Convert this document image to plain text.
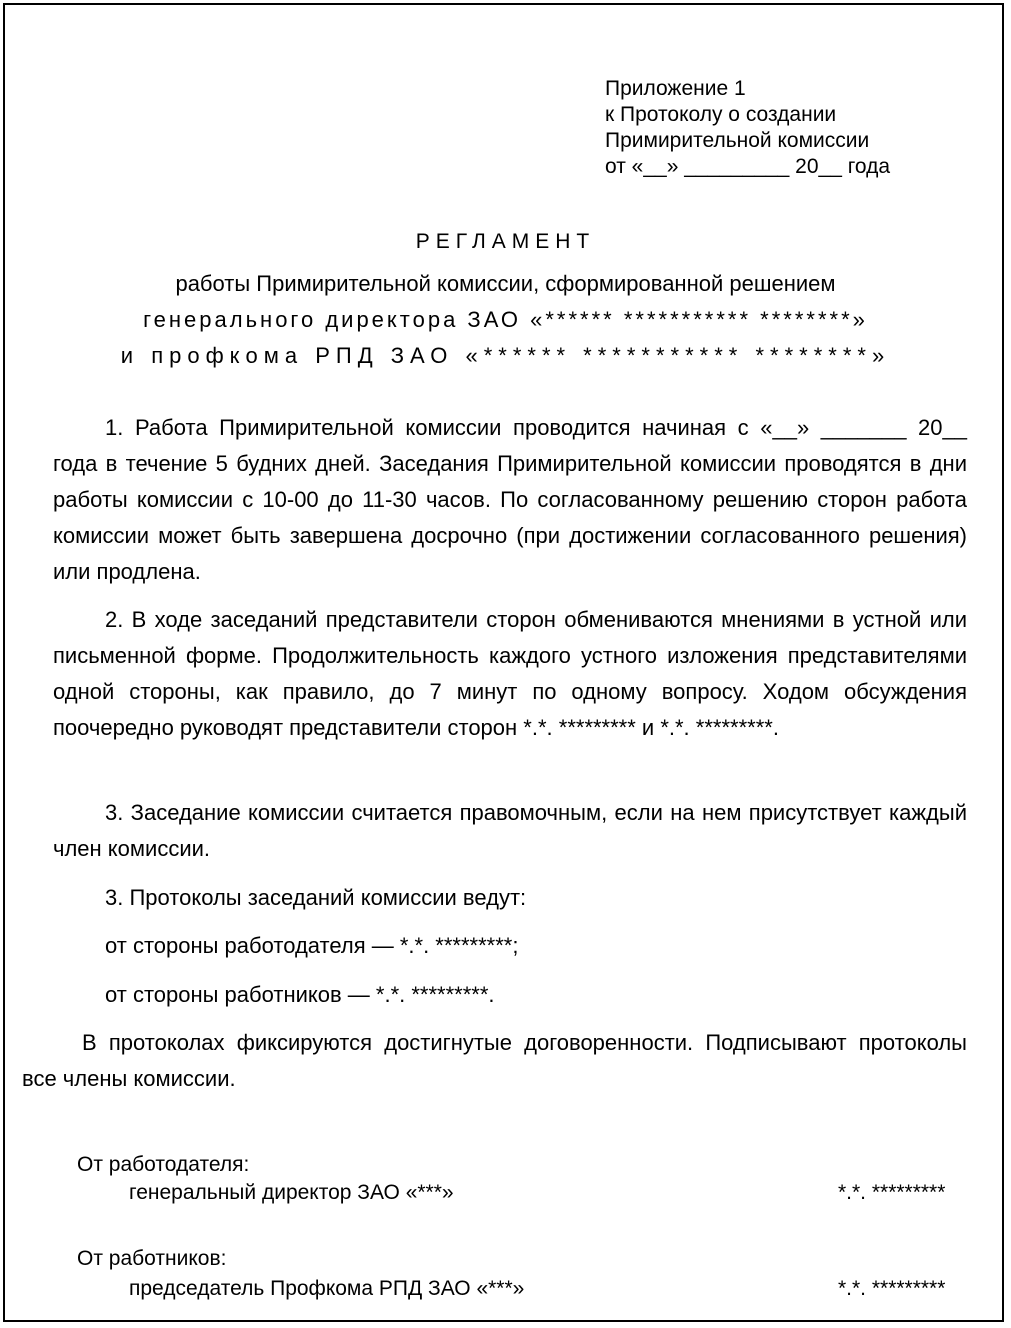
Приложение 1
к Протоколу о создании
Примирительной комиссии
от «__» _________ 20__ года
РЕГЛАМЕНТ
работы Примирительной комиссии, сформированной решением
генерального директора ЗАО «****** *********** ********»
и профкома РПД ЗАО «****** *********** ********»
1. Работа Примирительной комиссии проводится начиная с «__» _______ 20__ года в течение 5 будних дней. Заседания Примирительной комиссии проводятся в дни работы комиссии с 10-00 до 11-30 часов. По согласованному решению сторон работа комиссии может быть завершена досрочно (при достижении согласованного решения) или продлена.
2. В ходе заседаний представители сторон обмениваются мнениями в устной или письменной форме. Продолжительность каждого устного изложения представителями одной стороны, как правило, до 7 минут по одному вопросу. Ходом обсуждения поочередно руководят представители сторон *.*. ********* и *.*. *********.
3. Заседание комиссии считается правомочным, если на нем присутствует каждый член комиссии.
3. Протоколы заседаний комиссии ведут:
от стороны работодателя — *.*. *********;
от стороны работников — *.*. *********.
В протоколах фиксируются достигнутые договоренности. Подписывают протоколы все члены комиссии.
От работодателя:
генеральный директор ЗАО «***»	*.*. *********
От работников:
председатель Профкома РПД ЗАО «***»	*.*. *********
